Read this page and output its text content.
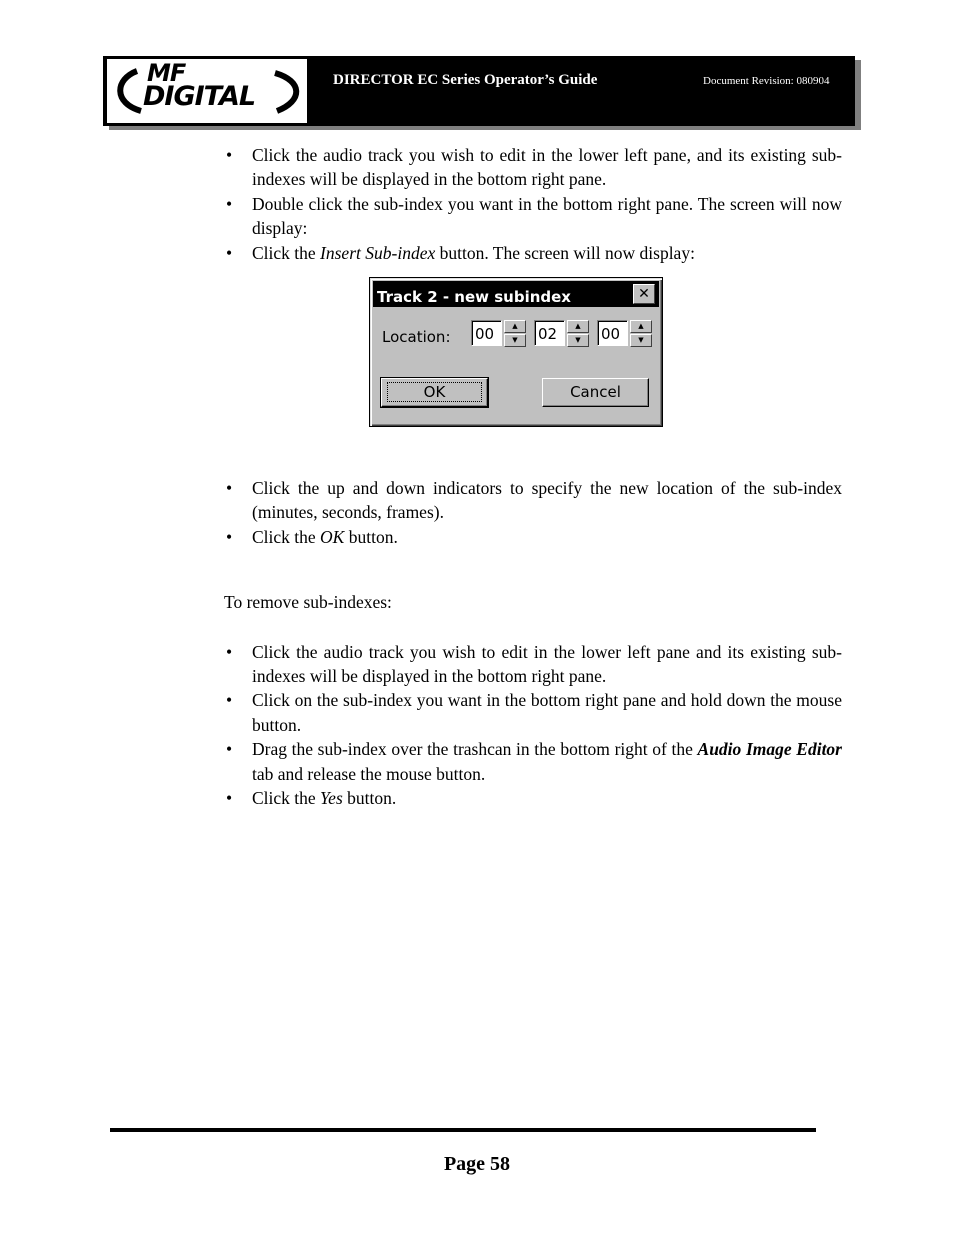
MF
DIGITAL
DIRECTOR EC Series Operator’s Guide	Document Revision: 080904
• Click the audio track you wish to edit in the lower left pane, and its existing sub-indexes will be displayed in the bottom right pane.
• Double click the sub-index you want in the bottom right pane. The screen will now display:
• Click the Insert Sub-index button. The screen will now display:
Track 2 - new subindex	✕
Location: 00	▲
▼	02	▲
▼	00	▲
▼
OK	Cancel
• Click the up and down indicators to specify the new location of the sub-index (minutes, seconds, frames).
• Click the OK button.

To remove sub-indexes:

• Click the audio track you wish to edit in the lower left pane and its existing sub-indexes will be displayed in the bottom right pane.
• Click on the sub-index you want in the bottom right pane and hold down the mouse button.
• Drag the sub-index over the trashcan in the bottom right of the Audio Image Editor tab and release the mouse button.
• Click the Yes button.
Page 58
